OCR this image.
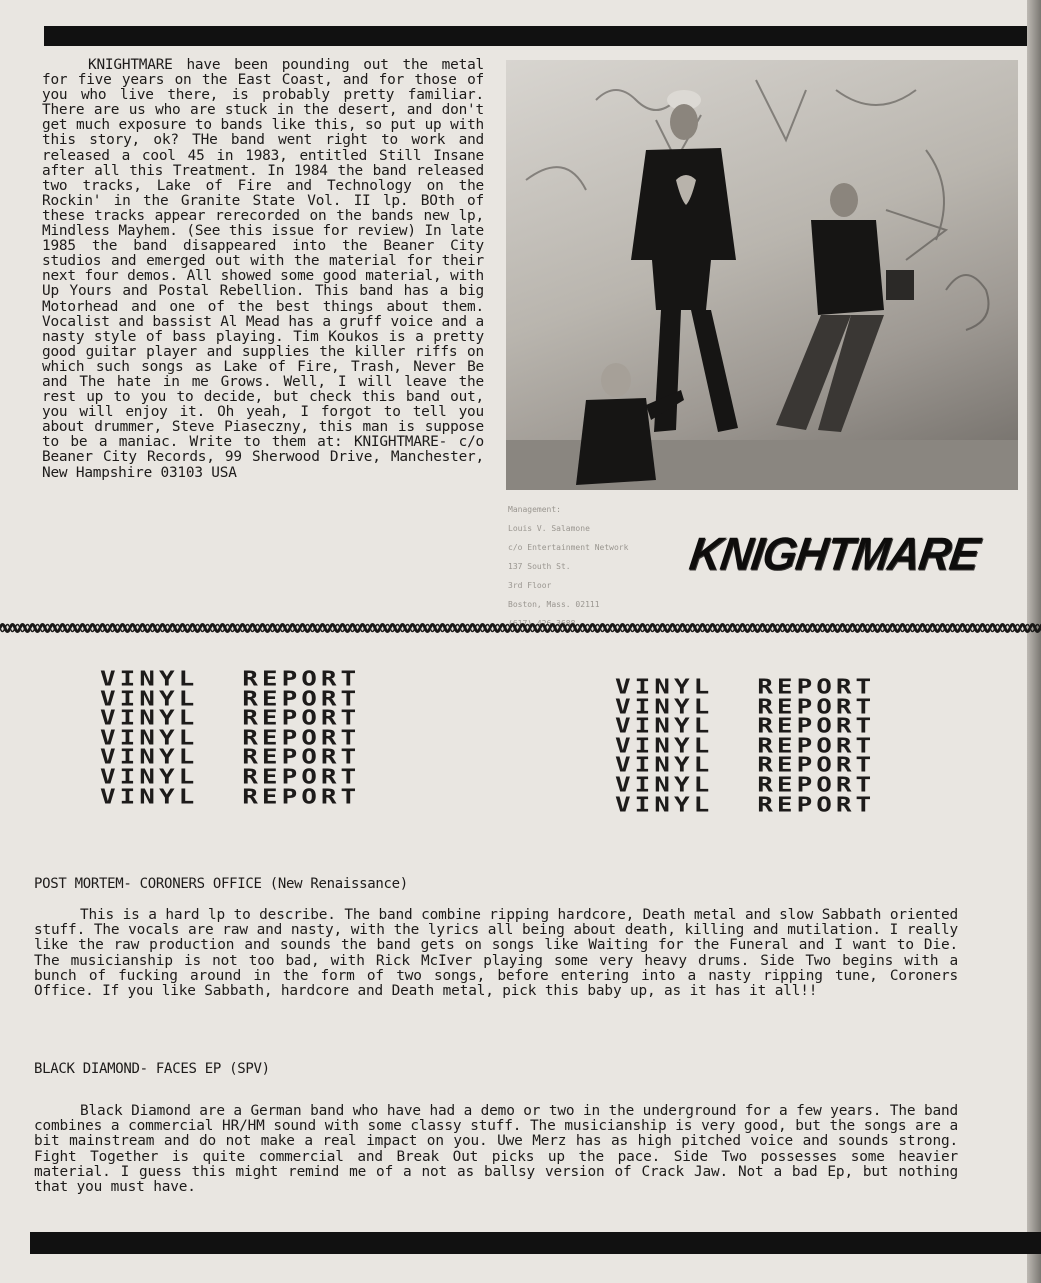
KNIGHTMARE have been pounding out the metal for five years on the East Coast, and for those of you who live there, is probably pretty familiar. There are us who are stuck in the desert, and don't get much exposure to bands like this, so put up with this story, ok? THe band went right to work and released a cool 45 in 1983, entitled Still Insane after all this Treatment. In 1984 the band released two tracks, Lake of Fire and Technology on the Rockin' in the Granite State Vol. II lp. BOth of these tracks appear rerecorded on the bands new lp, Mindless Mayhem. (See this issue for review) In late 1985 the band disappeared into the Beaner City studios and emerged out with the material for their next four demos. All showed some good material, with Up Yours and Postal Rebellion. This band has a big Motorhead and one of the best things about them. Vocalist and bassist Al Mead has a gruff voice and a nasty style of bass playing. Tim Koukos is a pretty good guitar player and supplies the killer riffs on which such songs as Lake of Fire, Trash, Never Be and The hate in me Grows. Well, I will leave the rest up to you to decide, but check this band out, you will enjoy it. Oh yeah, I forgot to tell you about drummer, Steve Piaseczny, this man is suppose to be a maniac. Write to them at: KNIGHTMARE- c/o Beaner City Records, 99 Sherwood Drive, Manchester, New Hampshire 03103 USA

Management:

Louis V. Salamone

c/o Entertainment Network

137 South St.

3rd Floor

Boston, Mass. 02111

KNIGHTMARE
VINYL REPORT
VINYL REPORT
VINYL REPORT
VINYL REPORT
VINYL REPORT
VINYL REPORT
VINYL REPORT
VINYL REPORT
VINYL REPORT
VINYL REPORT
VINYL REPORT
VINYL REPORT
VINYL REPORT
VINYL REPORT
POST MORTEM- CORONERS OFFICE (New Renaissance)

This is a hard lp to describe. The band combine ripping hardcore, Death metal and slow Sabbath oriented stuff. The vocals are raw and nasty, with the lyrics all being about death, killing and mutilation. I really like the raw production and sounds the band gets on songs like Waiting for the Funeral and I want to Die. The musicianship is not too bad, with Rick McIver playing some very heavy drums. Side Two begins with a bunch of fucking around in the form of two songs, before entering into a nasty ripping tune, Coroners Office. If you like Sabbath, hardcore and Death metal, pick this baby up, as it has it all!!

BLACK DIAMOND- FACES EP (SPV)

Black Diamond are a German band who have had a demo or two in the underground for a few years. The band combines a commercial HR/HM sound with some classy stuff. The musicianship is very good, but the songs are a bit mainstream and do not make a real impact on you. Uwe Merz has as high pitched voice and sounds strong. Fight Together is quite commercial and Break Out picks up the pace. Side Two possesses some heavier material. I guess this might remind me of a not as ballsy version of Crack Jaw. Not a bad Ep, but nothing that you must have.
